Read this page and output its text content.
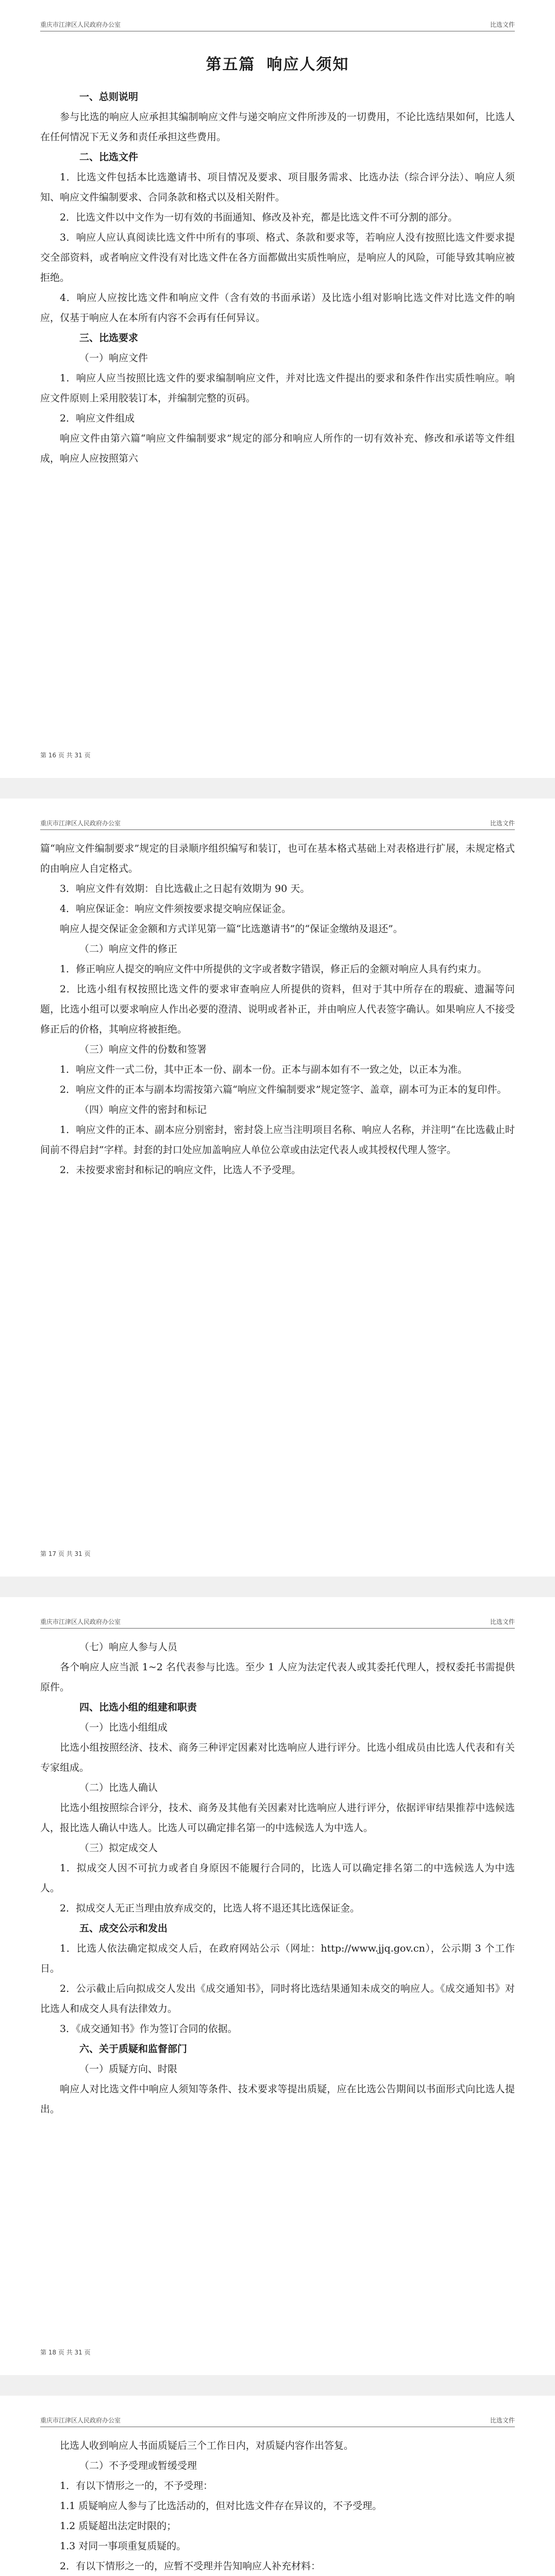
重庆市江津区人民政府办公室	比选文件
第五篇 响应人须知

一、总则说明

参与比选的响应人应承担其编制响应文件与递交响应文件所涉及的一切费用，不论比选结果如何，比选人在任何情况下无义务和责任承担这些费用。

二、比选文件

1．比选文件包括本比选邀请书、项目情况及要求、项目服务需求、比选办法（综合评分法）、响应人须知、响应文件编制要求、合同条款和格式以及相关附件。

2．比选文件以中文作为一切有效的书面通知、修改及补充，都是比选文件不可分割的部分。

3．响应人应认真阅读比选文件中所有的事项、格式、条款和要求等，若响应人没有按照比选文件要求提交全部资料，或者响应文件没有对比选文件在各方面都做出实质性响应，是响应人的风险，可能导致其响应被拒绝。

4．响应人应按比选文件和响应文件（含有效的书面承诺）及比选小组对影响比选文件对比选文件的响应，仅基于响应人在本所有内容不会再有任何异议。

三、比选要求

（一）响应文件

1．响应人应当按照比选文件的要求编制响应文件，并对比选文件提出的要求和条件作出实质性响应。响应文件原则上采用胶装订本，并编制完整的页码。

2．响应文件组成

响应文件由第六篇“响应文件编制要求”规定的部分和响应人所作的一切有效补充、修改和承诺等文件组成，响应人应按照第六

第 16 页 共 31 页
重庆市江津区人民政府办公室	比选文件

篇“响应文件编制要求”规定的目录顺序组织编写和装订，也可在基本格式基础上对表格进行扩展，未规定格式的由响应人自定格式。

3．响应文件有效期：自比选截止之日起有效期为 90 天。

4．响应保证金：响应文件须按要求提交响应保证金。

响应人提交保证金金额和方式详见第一篇“比选邀请书”的“保证金缴纳及退还”。

（二）响应文件的修正

1．修正响应人提交的响应文件中所提供的文字或者数字错误，修正后的金额对响应人具有约束力。

2．比选小组有权按照比选文件的要求审查响应人所提供的资料，但对于其中所存在的瑕疵、遗漏等问题，比选小组可以要求响应人作出必要的澄清、说明或者补正，并由响应人代表签字确认。如果响应人不接受修正后的价格，其响应将被拒绝。

（三）响应文件的份数和签署

1．响应文件一式二份，其中正本一份、副本一份。正本与副本如有不一致之处，以正本为准。

2．响应文件的正本与副本均需按第六篇“响应文件编制要求”规定签字、盖章，副本可为正本的复印件。

（四）响应文件的密封和标记

1．响应文件的正本、副本应分别密封，密封袋上应当注明项目名称、响应人名称，并注明“在比选截止时间前不得启封”字样。封套的封口处应加盖响应人单位公章或由法定代表人或其授权代理人签字。

2．未按要求密封和标记的响应文件，比选人不予受理。

第 17 页 共 31 页
重庆市江津区人民政府办公室	比选文件

（七）响应人参与人员

各个响应人应当派 1~2 名代表参与比选。至少 1 人应为法定代表人或其委托代理人，授权委托书需提供原件。

四、比选小组的组建和职责

（一）比选小组组成

比选小组按照经济、技术、商务三种评定因素对比选响应人进行评分。比选小组成员由比选人代表和有关专家组成。

（二）比选人确认

比选小组按照综合评分，技术、商务及其他有关因素对比选响应人进行评分，依据评审结果推荐中选候选人，报比选人确认中选人。比选人可以确定排名第一的中选候选人为中选人。

（三）拟定成交人

1．拟成交人因不可抗力或者自身原因不能履行合同的，比选人可以确定排名第二的中选候选人为中选人。

2．拟成交人无正当理由放弃成交的，比选人将不退还其比选保证金。

五、成交公示和发出

1．比选人依法确定拟成交人后，在政府网站公示（网址：http://www.jjq.gov.cn），公示期 3 个工作日。

2．公示截止后向拟成交人发出《成交通知书》，同时将比选结果通知未成交的响应人。《成交通知书》对比选人和成交人具有法律效力。

3．《成交通知书》作为签订合同的依据。

六、关于质疑和监督部门

（一）质疑方向、时限

响应人对比选文件中响应人须知等条件、技术要求等提出质疑，应在比选公告期间以书面形式向比选人提出。

第 18 页 共 31 页
重庆市江津区人民政府办公室	比选文件

比选人收到响应人书面质疑后三个工作日内，对质疑内容作出答复。

（二）不予受理或暂缓受理

1．有以下情形之一的，不予受理：

1.1 质疑响应人参与了比选活动的，但对比选文件存在异议的，不予受理。

1.2 质疑超出法定时限的；

1.3 对同一事项重复质疑的。

2．有以下情形之一的，应暂不受理并告知响应人补充材料：
